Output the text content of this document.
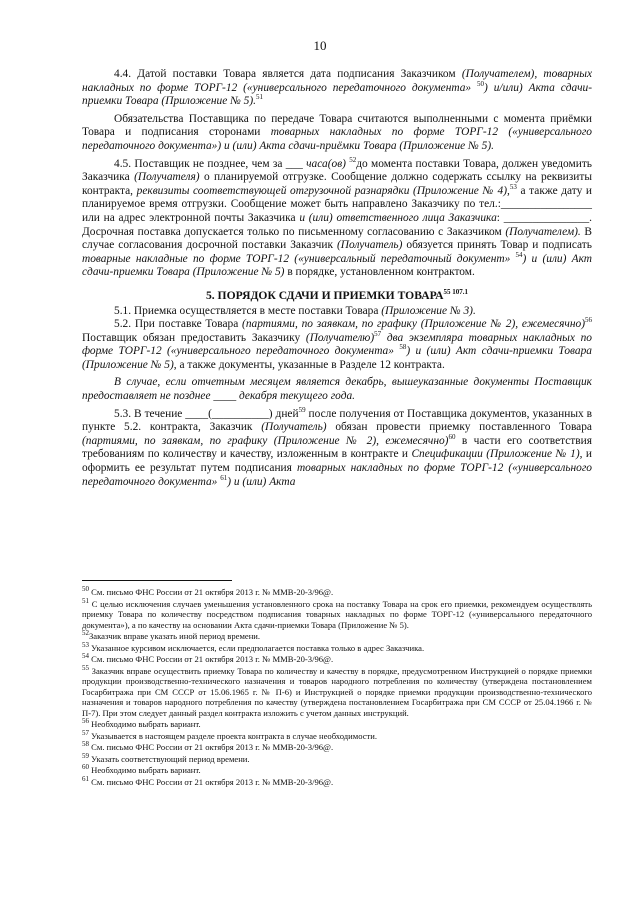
10

4.4. Датой поставки Товара является дата подписания Заказчиком (Получателем), товарных накладных по форме ТОРГ-12 («универсального передаточного документа» $^{50}$) и/или) Акта сдачи-приемки Товара (Приложение № 5).$^{51}$

Обязательства Поставщика по передаче Товара считаются выполненными с момента приёмки Товара и подписания сторонами товарных накладных по форме ТОРГ-12 («универсального передаточного документа») и (или) Акта сдачи-приёмки Товара (Приложение № 5).

4.5. Поставщик не позднее, чем за ___ часа(ов) $^{52}$до момента поставки Товара, должен уведомить Заказчика (Получателя) о планируемой отгрузке. Сообщение должно содержать ссылку на реквизиты контракта, реквизиты соответствующей отгрузочной разнарядки (Приложение № 4),$^{53}$ а также дату и планируемое время отгрузки. Сообщение может быть направлено Заказчику по тел.:________________ или на адрес электронной почты Заказчика и (или) ответственного лица Заказчика: _______________. Досрочная поставка допускается только по письменному согласованию с Заказчиком (Получателем). В случае согласования досрочной поставки Заказчик (Получатель) обязуется принять Товар и подписать товарные накладные по форме ТОРГ-12 («универсальный передаточный документ» $^{54}$) и (или) Акт сдачи-приемки Товара (Приложение № 5) в порядке, установленном контрактом.

5. ПОРЯДОК СДАЧИ И ПРИЕМКИ $ТОВАРА^{55 107.1}$

5.1. Приемка осуществляется в месте поставки Товара (Приложение № 3).

5.2. При поставке Товара (партиями, по заявкам, по графику (Приложение № 2), ежемесячно)$^{56}$ Поставщик обязан предоставить Заказчику (Получателю)$^{57}$ два экземпляра товарных накладных по форме ТОРГ-12 («универсального передаточного документа» $^{58}$) и (или) Акт сдачи-приемки Товара (Приложение № 5), а также документы, указанные в Разделе 12 контракта.

В случае, если отчетным месяцем является декабрь, вышеуказанные документы Поставщик предоставляет не позднее ____ декабря текущего года.

5.3. В течение ____(__________) дней$^{59}$ после получения от Поставщика документов, указанных в пункте 5.2. контракта, Заказчик (Получатель) обязан провести приемку поставленного Товара (партиями, по заявкам, по графику (Приложение № 2), ежемесячно)$^{60}$ в части его соответствия требованиям по количеству и качеству, изложенным в контракте и Спецификации (Приложение № 1), и оформить ее результат путем подписания товарных накладных по форме ТОРГ-12 («универсального передаточного документа» $^{61}$) и (или) Акта

$^{50}$ См. письмо ФНС России от 21 октября 2013 г. № ММВ-20-3/96@.

$^{51}$ С целью исключения случаев уменьшения установленного срока на поставку Товара на срок его приемки, рекомендуем осуществлять приемку Товара по количеству посредством подписания товарных накладных по форме ТОРГ-12 («универсального передаточного документа»), а по качеству на основании Акта сдачи-приемки Товара (Приложение № 5).

$^{52}$Заказчик вправе указать иной период времени.

$^{53}$ Указанное курсивом исключается, если предполагается поставка только в адрес Заказчика.

$^{54}$ См. письмо ФНС России от 21 октября 2013 г. № ММВ-20-3/96@.

$^{55}$ Заказчик вправе осуществить приемку Товара по количеству и качеству в порядке, предусмотренном Инструкцией о порядке приемки продукции производственно-технического назначения и товаров народного потребления по количеству (утверждена постановлением Госарбитража при СМ СССР от 15.06.1965 г. № П-6) и Инструкцией о порядке приемки продукции производственно-технического назначения и товаров народного потребления по качеству (утверждена постановлением Госарбитража при СМ СССР от 25.04.1966 г. № П-7). При этом следует данный раздел контракта изложить с учетом данных инструкций.

$^{56}$ Необходимо выбрать вариант.

$^{57}$ Указывается в настоящем разделе проекта контракта в случае необходимости.

$^{58}$ См. письмо ФНС России от 21 октября 2013 г. № ММВ-20-3/96@.

$^{59}$ Указать соответствующий период времени.

$^{60}$ Необходимо выбрать вариант.

$^{61}$ См. письмо ФНС России от 21 октября 2013 г. № ММВ-20-3/96@.
